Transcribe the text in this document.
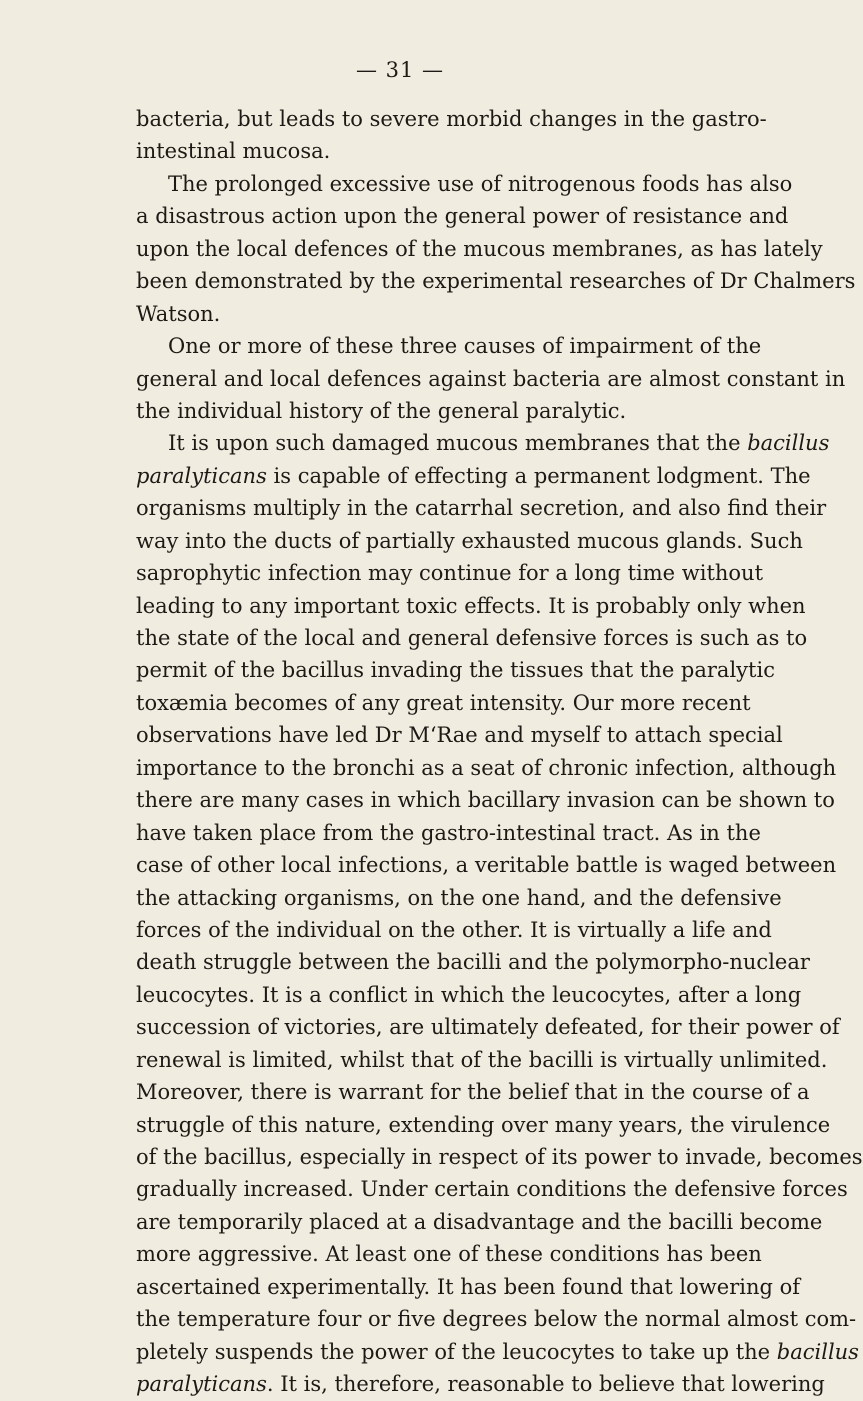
— 31 —
bacteria, but leads to severe morbid changes in the gastro-
intestinal mucosa.
The prolonged excessive use of nitrogenous foods has also
a disastrous action upon the general power of resistance and
upon the local defences of the mucous membranes, as has lately
been demonstrated by the experimental researches of Dr Chalmers
Watson.
One or more of these three causes of impairment of the
general and local defences against bacteria are almost constant in
the individual history of the general paralytic.
It is upon such damaged mucous membranes that the bacillus
paralyticans is capable of effecting a permanent lodgment. The
organisms multiply in the catarrhal secretion, and also find their
way into the ducts of partially exhausted mucous glands. Such
saprophytic infection may continue for a long time without
leading to any important toxic effects. It is probably only when
the state of the local and general defensive forces is such as to
permit of the bacillus invading the tissues that the paralytic
toxæmia becomes of any great intensity. Our more recent
observations have led Dr M‘Rae and myself to attach special
importance to the bronchi as a seat of chronic infection, although
there are many cases in which bacillary invasion can be shown to
have taken place from the gastro-intestinal tract. As in the
case of other local infections, a veritable battle is waged between
the attacking organisms, on the one hand, and the defensive
forces of the individual on the other. It is virtually a life and
death struggle between the bacilli and the polymorpho-nuclear
leucocytes. It is a conflict in which the leucocytes, after a long
succession of victories, are ultimately defeated, for their power of
renewal is limited, whilst that of the bacilli is virtually unlimited.
Moreover, there is warrant for the belief that in the course of a
struggle of this nature, extending over many years, the virulence
of the bacillus, especially in respect of its power to invade, becomes
gradually increased. Under certain conditions the defensive forces
are temporarily placed at a disadvantage and the bacilli become
more aggressive. At least one of these conditions has been
ascertained experimentally. It has been found that lowering of
the temperature four or five degrees below the normal almost com-
pletely suspends the power of the leucocytes to take up the bacillus
paralyticans. It is, therefore, reasonable to believe that lowering
